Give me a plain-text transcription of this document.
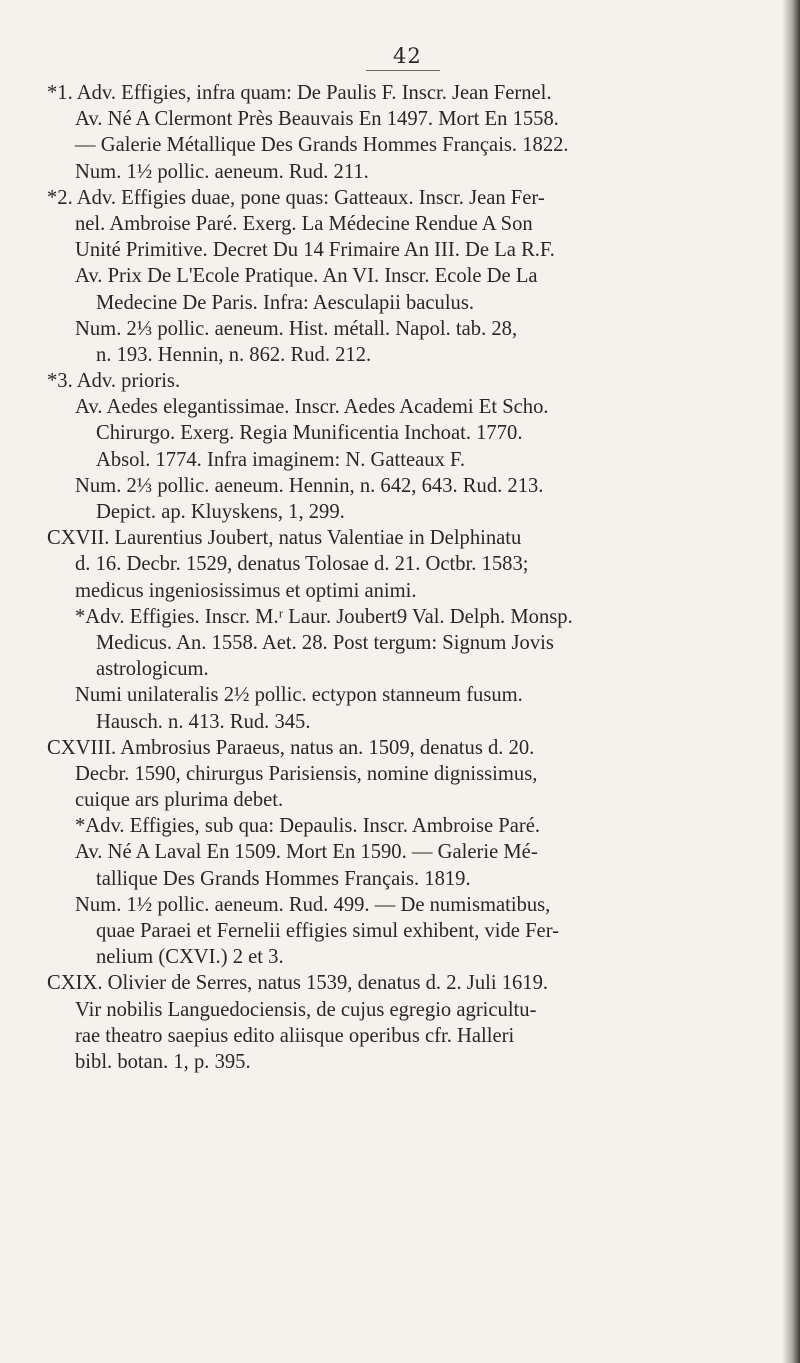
42
*1. Adv. Effigies, infra quam: De Paulis F. Inscr. Jean Fernel.
Av. Né A Clermont Près Beauvais En 1497. Mort En 1558.
— Galerie Métallique Des Grands Hommes Français. 1822.
Num. 1½ pollic. aeneum. Rud. 211.
*2. Adv. Effigies duae, pone quas: Gatteaux. Inscr. Jean Fer-
nel. Ambroise Paré. Exerg. La Médecine Rendue A Son
Unité Primitive. Decret Du 14 Frimaire An III. De La R.F.
Av. Prix De L'Ecole Pratique. An VI. Inscr. Ecole De La
Medecine De Paris. Infra: Aesculapii baculus.
Num. 2⅓ pollic. aeneum. Hist. métall. Napol. tab. 28,
n. 193. Hennin, n. 862. Rud. 212.
*3. Adv. prioris.
Av. Aedes elegantissimae. Inscr. Aedes Academi Et Scho.
Chirurgo. Exerg. Regia Munificentia Inchoat. 1770.
Absol. 1774. Infra imaginem: N. Gatteaux F.
Num. 2⅓ pollic. aeneum. Hennin, n. 642, 643. Rud. 213.
Depict. ap. Kluyskens, 1, 299.
CXVII. Laurentius Joubert, natus Valentiae in Delphinatu
d. 16. Decbr. 1529, denatus Tolosae d. 21. Octbr. 1583;
medicus ingeniosissimus et optimi animi.
*Adv. Effigies. Inscr. M.ʳ Laur. Joubert9 Val. Delph. Monsp.
Medicus. An. 1558. Aet. 28. Post tergum: Signum Jovis
astrologicum.
Numi unilateralis 2½ pollic. ectypon stanneum fusum.
Hausch. n. 413. Rud. 345.
CXVIII. Ambrosius Paraeus, natus an. 1509, denatus d. 20.
Decbr. 1590, chirurgus Parisiensis, nomine dignissimus,
cuique ars plurima debet.
*Adv. Effigies, sub qua: Depaulis. Inscr. Ambroise Paré.
Av. Né A Laval En 1509. Mort En 1590. — Galerie Mé-
tallique Des Grands Hommes Français. 1819.
Num. 1½ pollic. aeneum. Rud. 499. — De numismatibus,
quae Paraei et Fernelii effigies simul exhibent, vide Fer-
nelium (CXVI.) 2 et 3.
CXIX. Olivier de Serres, natus 1539, denatus d. 2. Juli 1619.
Vir nobilis Languedociensis, de cujus egregio agricultu-
rae theatro saepius edito aliisque operibus cfr. Halleri
bibl. botan. 1, p. 395.
